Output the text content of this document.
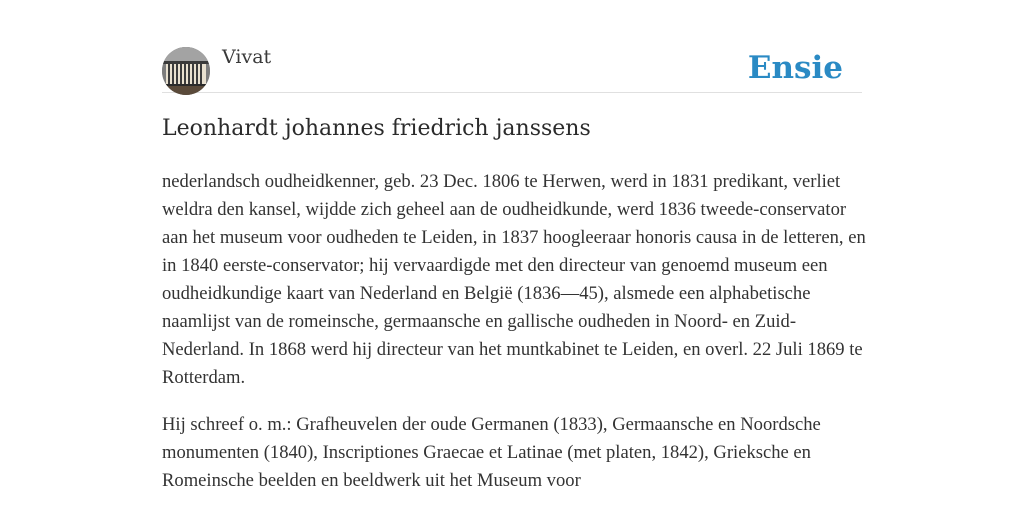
Vivat	Ensie
Leonhardt johannes friedrich janssens

nederlandsch oudheidkenner, geb. 23 Dec. 1806 te Herwen, werd in 1831 predikant, verliet weldra den kansel, wijdde zich geheel aan de oudheidkunde, werd 1836 tweede-conservator aan het museum voor oudheden te Leiden, in 1837 hoogleeraar honoris causa in de letteren, en in 1840 eerste-conservator; hij vervaardigde met den directeur van genoemd museum een oudheidkundige kaart van Nederland en België (1836—45), alsmede een alphabetische naamlijst van de romeinsche, germaansche en gallische oudheden in Noord- en Zuid-Nederland. In 1868 werd hij directeur van het muntkabinet te Leiden, en overl. 22 Juli 1869 te Rotterdam.

Hij schreef o. m.: Grafheuvelen der oude Germanen (1833), Germaansche en Noordsche monumenten (1840), Inscriptiones Graecae et Latinae (met platen, 1842), Grieksche en Romeinsche beelden en beeldwerk uit het Museum voor
